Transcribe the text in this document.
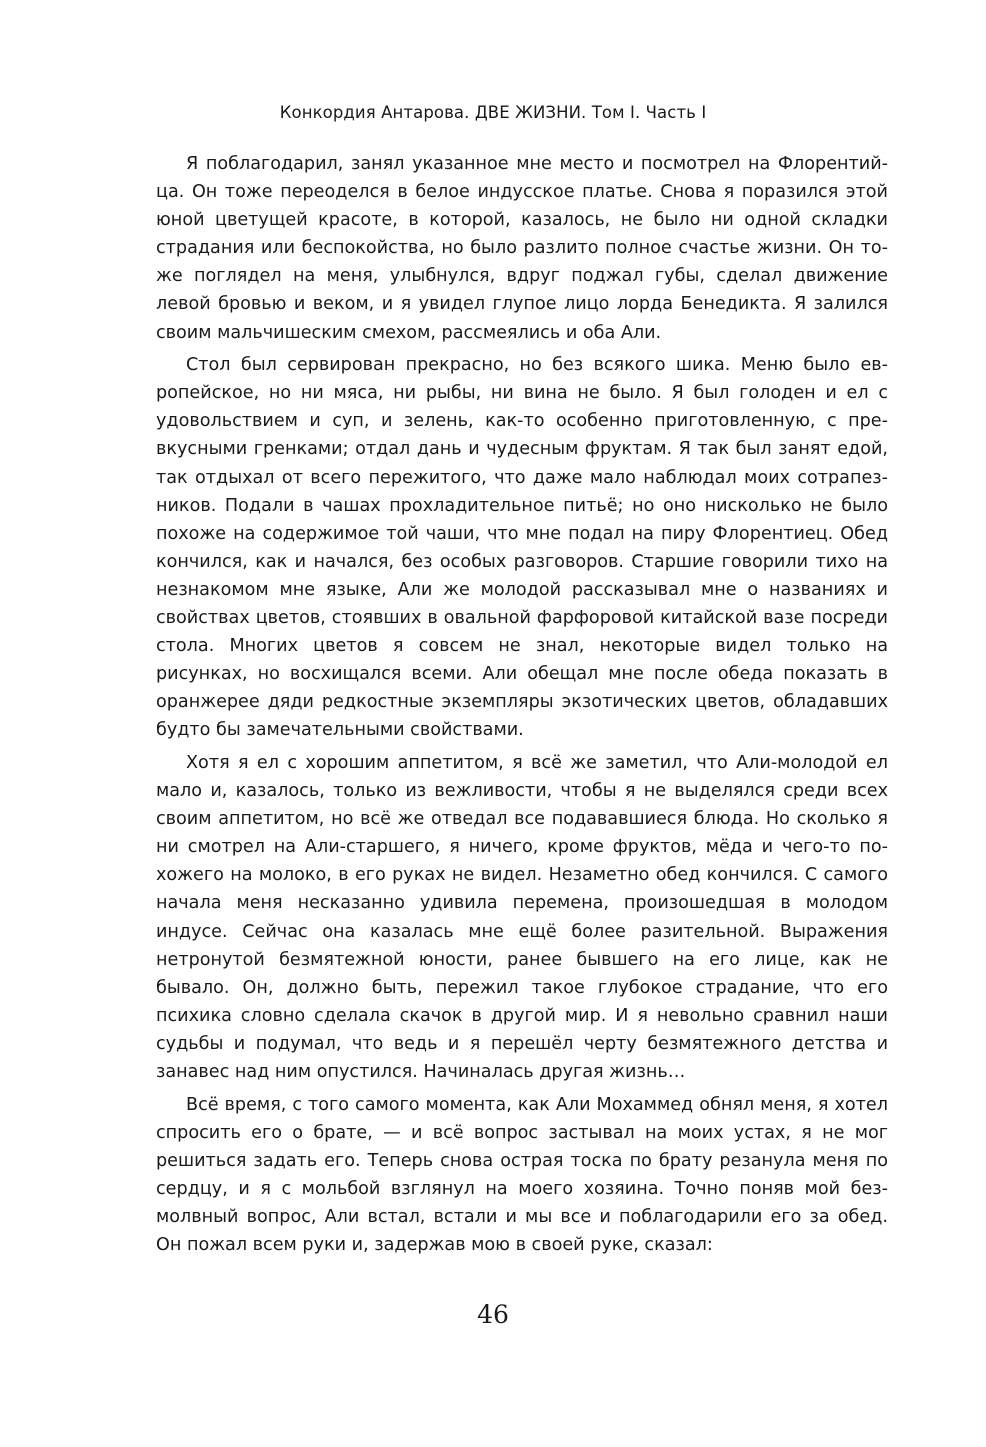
Конкордия Антарова. ДВЕ ЖИЗНИ. Том I. Часть I

Я поблагодарил, занял указанное мне место и посмотрел на Флорентийца. Он тоже переоделся в белое индусское платье. Снова я поразился этой юной цветущей красоте, в которой, казалось, не было ни одной складки страдания или беспокойства, но было разлито полное счастье жизни. Он тоже поглядел на меня, улыбнулся, вдруг поджал губы, сделал движение левой бровью и веком, и я увидел глупое лицо лорда Бенедикта. Я залился своим мальчишеским смехом, рассмеялись и оба Али.

Стол был сервирован прекрасно, но без всякого шика. Меню было европейское, но ни мяса, ни рыбы, ни вина не было. Я был голоден и ел с удовольствием и суп, и зелень, как-то особенно приготовленную, с превкусными гренками; отдал дань и чудесным фруктам. Я так был занят едой, так отдыхал от всего пережитого, что даже мало наблюдал моих сотрапезников. Подали в чашах прохладительное питьё; но оно нисколько не было похоже на содержимое той чаши, что мне подал на пиру Флорентиец. Обед кончился, как и начался, без особых разговоров. Старшие говорили тихо на незнакомом мне языке, Али же молодой рассказывал мне о названиях и свойствах цветов, стоявших в овальной фарфоровой китайской вазе посреди стола. Многих цветов я совсем не знал, некоторые видел только на рисунках, но восхищался всеми. Али обещал мне после обеда показать в оранжерее дяди редкостные экземпляры экзотических цветов, обладавших будто бы замечательными свойствами.

Хотя я ел с хорошим аппетитом, я всё же заметил, что Али-молодой ел мало и, казалось, только из вежливости, чтобы я не выделялся среди всех своим аппетитом, но всё же отведал все подававшиеся блюда. Но сколько я ни смотрел на Али-старшего, я ничего, кроме фруктов, мёда и чего-то похожего на молоко, в его руках не видел. Незаметно обед кончился. С самого начала меня несказанно удивила перемена, произошедшая в молодом индусе. Сейчас она казалась мне ещё более разительной. Выражения нетронутой безмятежной юности, ранее бывшего на его лице, как не бывало. Он, должно быть, пережил такое глубокое страдание, что его психика словно сделала скачок в другой мир. И я невольно сравнил наши судьбы и подумал, что ведь и я перешёл черту безмятежного детства и занавес над ним опустился. Начиналась другая жизнь…

Всё время, с того самого момента, как Али Мохаммед обнял меня, я хотел спросить его о брате, — и всё вопрос застывал на моих устах, я не мог решиться задать его. Теперь снова острая тоска по брату резанула меня по сердцу, и я с мольбой взглянул на моего хозяина. Точно поняв мой безмолвный вопрос, Али встал, встали и мы все и поблагодарили его за обед. Он пожал всем руки и, задержав мою в своей руке, сказал:

46
